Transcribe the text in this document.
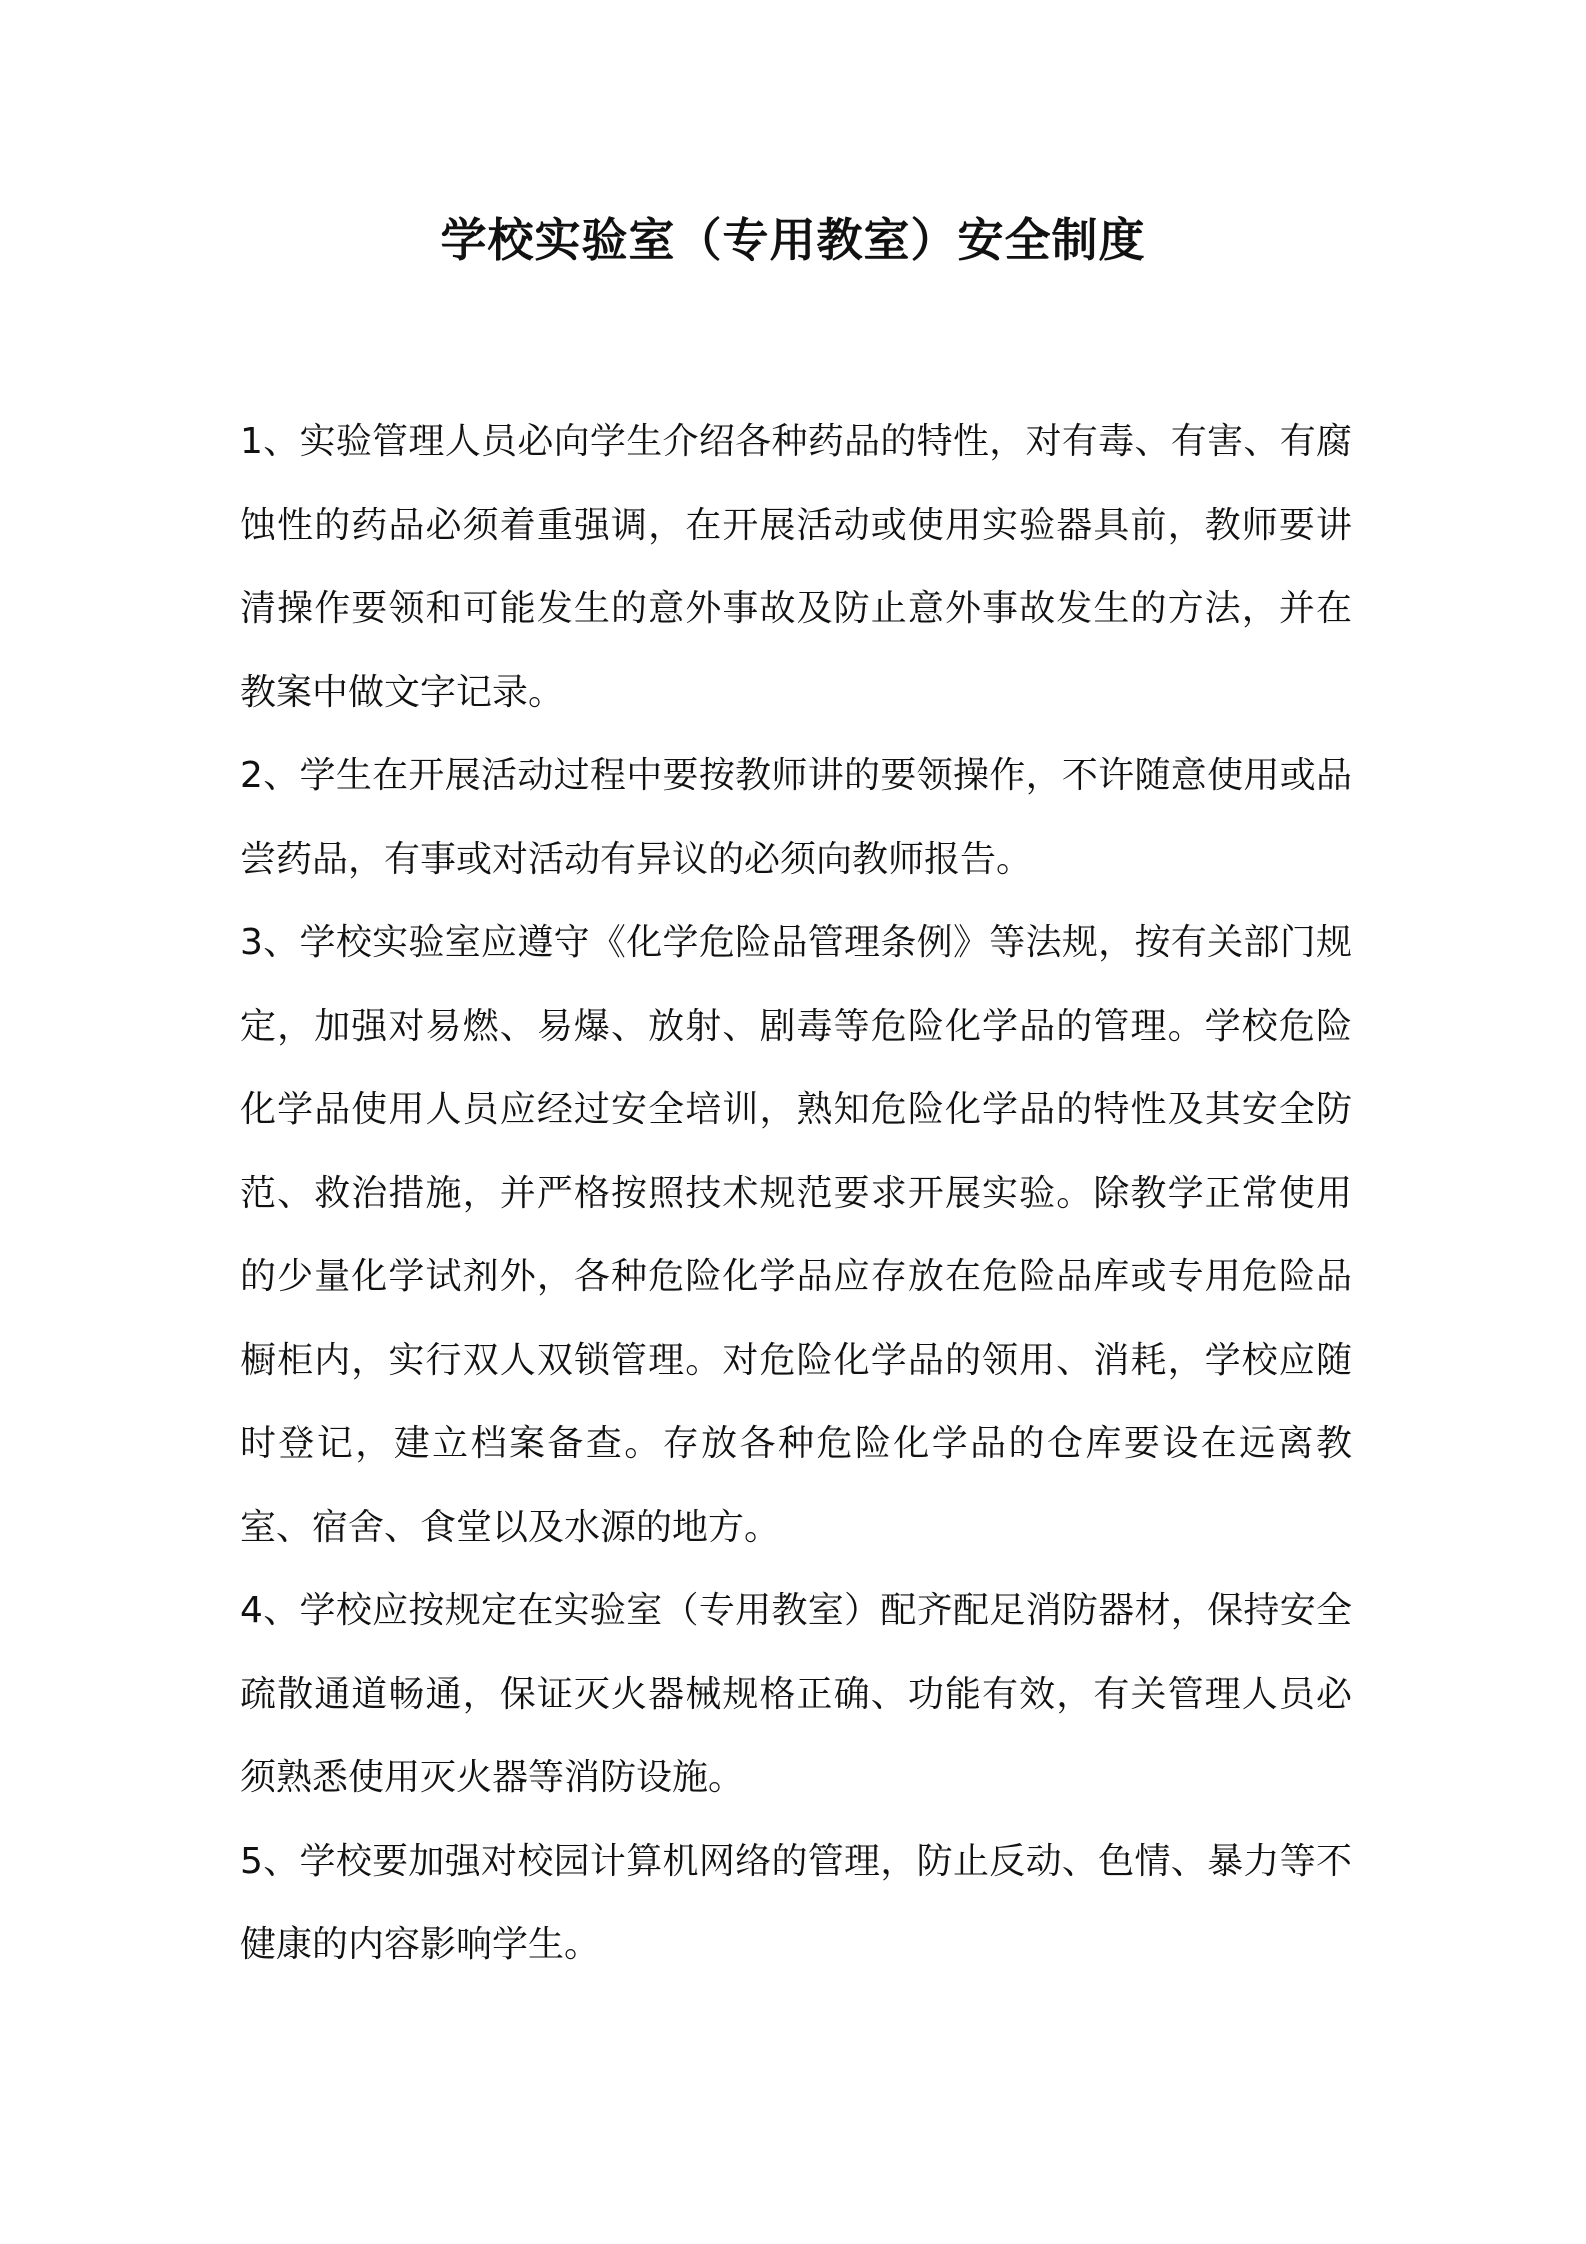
学校实验室（专用教室）安全制度

1、实验管理人员必向学生介绍各种药品的特性，对有毒、有害、有腐蚀性的药品必须着重强调，在开展活动或使用实验器具前，教师要讲清操作要领和可能发生的意外事故及防止意外事故发生的方法，并在教案中做文字记录。

2、学生在开展活动过程中要按教师讲的要领操作，不许随意使用或品尝药品，有事或对活动有异议的必须向教师报告。

3、学校实验室应遵守《化学危险品管理条例》等法规，按有关部门规定，加强对易燃、易爆、放射、剧毒等危险化学品的管理。学校危险化学品使用人员应经过安全培训，熟知危险化学品的特性及其安全防范、救治措施，并严格按照技术规范要求开展实验。除教学正常使用的少量化学试剂外，各种危险化学品应存放在危险品库或专用危险品橱柜内，实行双人双锁管理。对危险化学品的领用、消耗，学校应随时登记，建立档案备查。存放各种危险化学品的仓库要设在远离教室、宿舍、食堂以及水源的地方。

4、学校应按规定在实验室（专用教室）配齐配足消防器材，保持安全疏散通道畅通，保证灭火器械规格正确、功能有效，有关管理人员必须熟悉使用灭火器等消防设施。

5、学校要加强对校园计算机网络的管理，防止反动、色情、暴力等不健康的内容影响学生。
